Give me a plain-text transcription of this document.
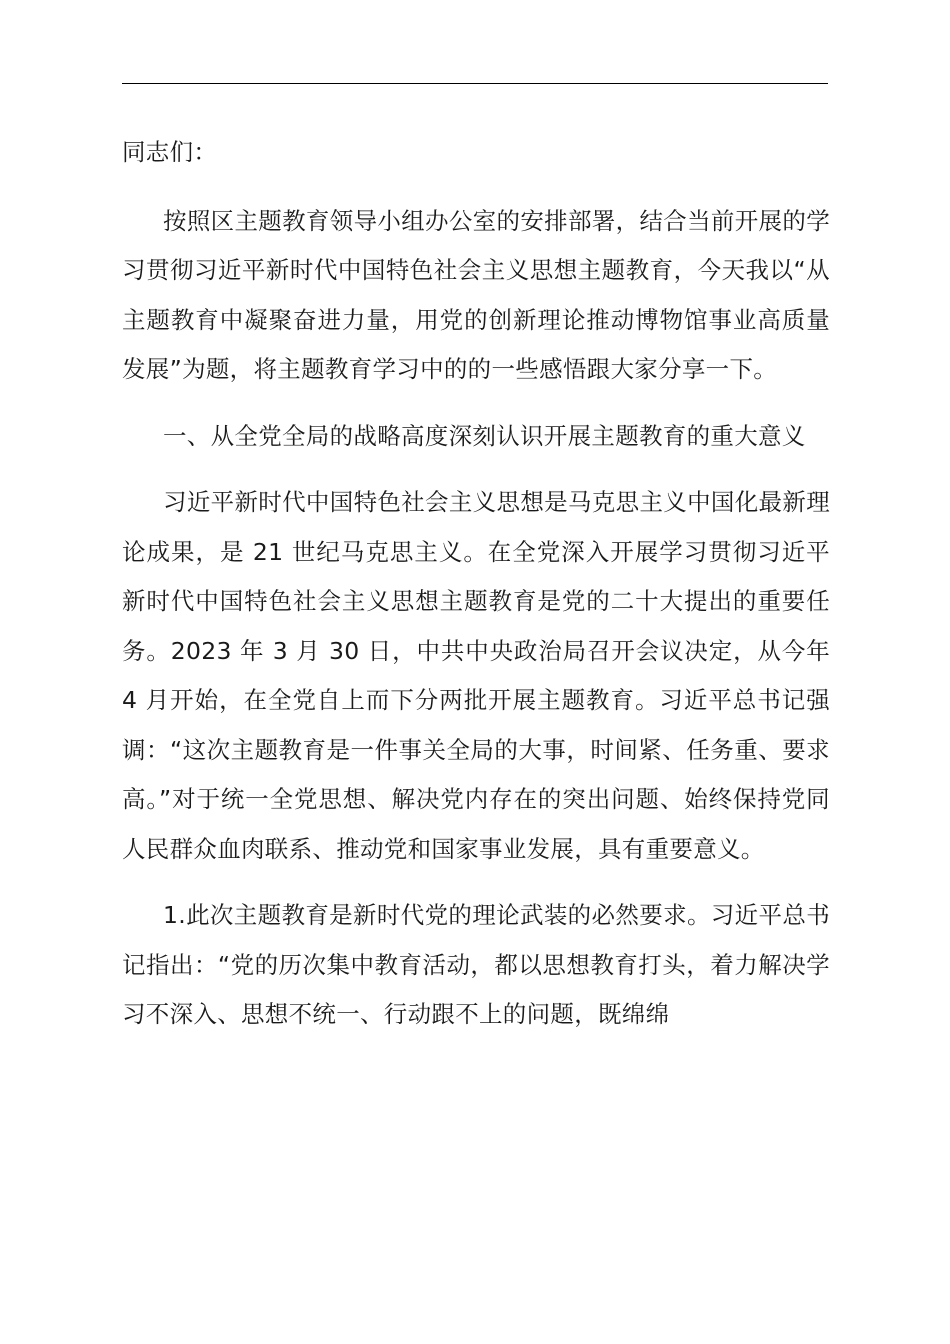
同志们：

按照区主题教育领导小组办公室的安排部署，结合当前开展的学习贯彻习近平新时代中国特色社会主义思想主题教育，今天我以“从主题教育中凝聚奋进力量，用党的创新理论推动博物馆事业高质量发展”为题，将主题教育学习中的的一些感悟跟大家分享一下。

一、从全党全局的战略高度深刻认识开展主题教育的重大意义

习近平新时代中国特色社会主义思想是马克思主义中国化最新理论成果，是 21 世纪马克思主义。在全党深入开展学习贯彻习近平新时代中国特色社会主义思想主题教育是党的二十大提出的重要任务。2023 年 3 月 30 日，中共中央政治局召开会议决定，从今年 4 月开始，在全党自上而下分两批开展主题教育。习近平总书记强调：“这次主题教育是一件事关全局的大事，时间紧、任务重、要求高。”对于统一全党思想、解决党内存在的突出问题、始终保持党同人民群众血肉联系、推动党和国家事业发展，具有重要意义。

1.此次主题教育是新时代党的理论武装的必然要求。习近平总书记指出：“党的历次集中教育活动，都以思想教育打头，着力解决学习不深入、思想不统一、行动跟不上的问题，既绵绵
